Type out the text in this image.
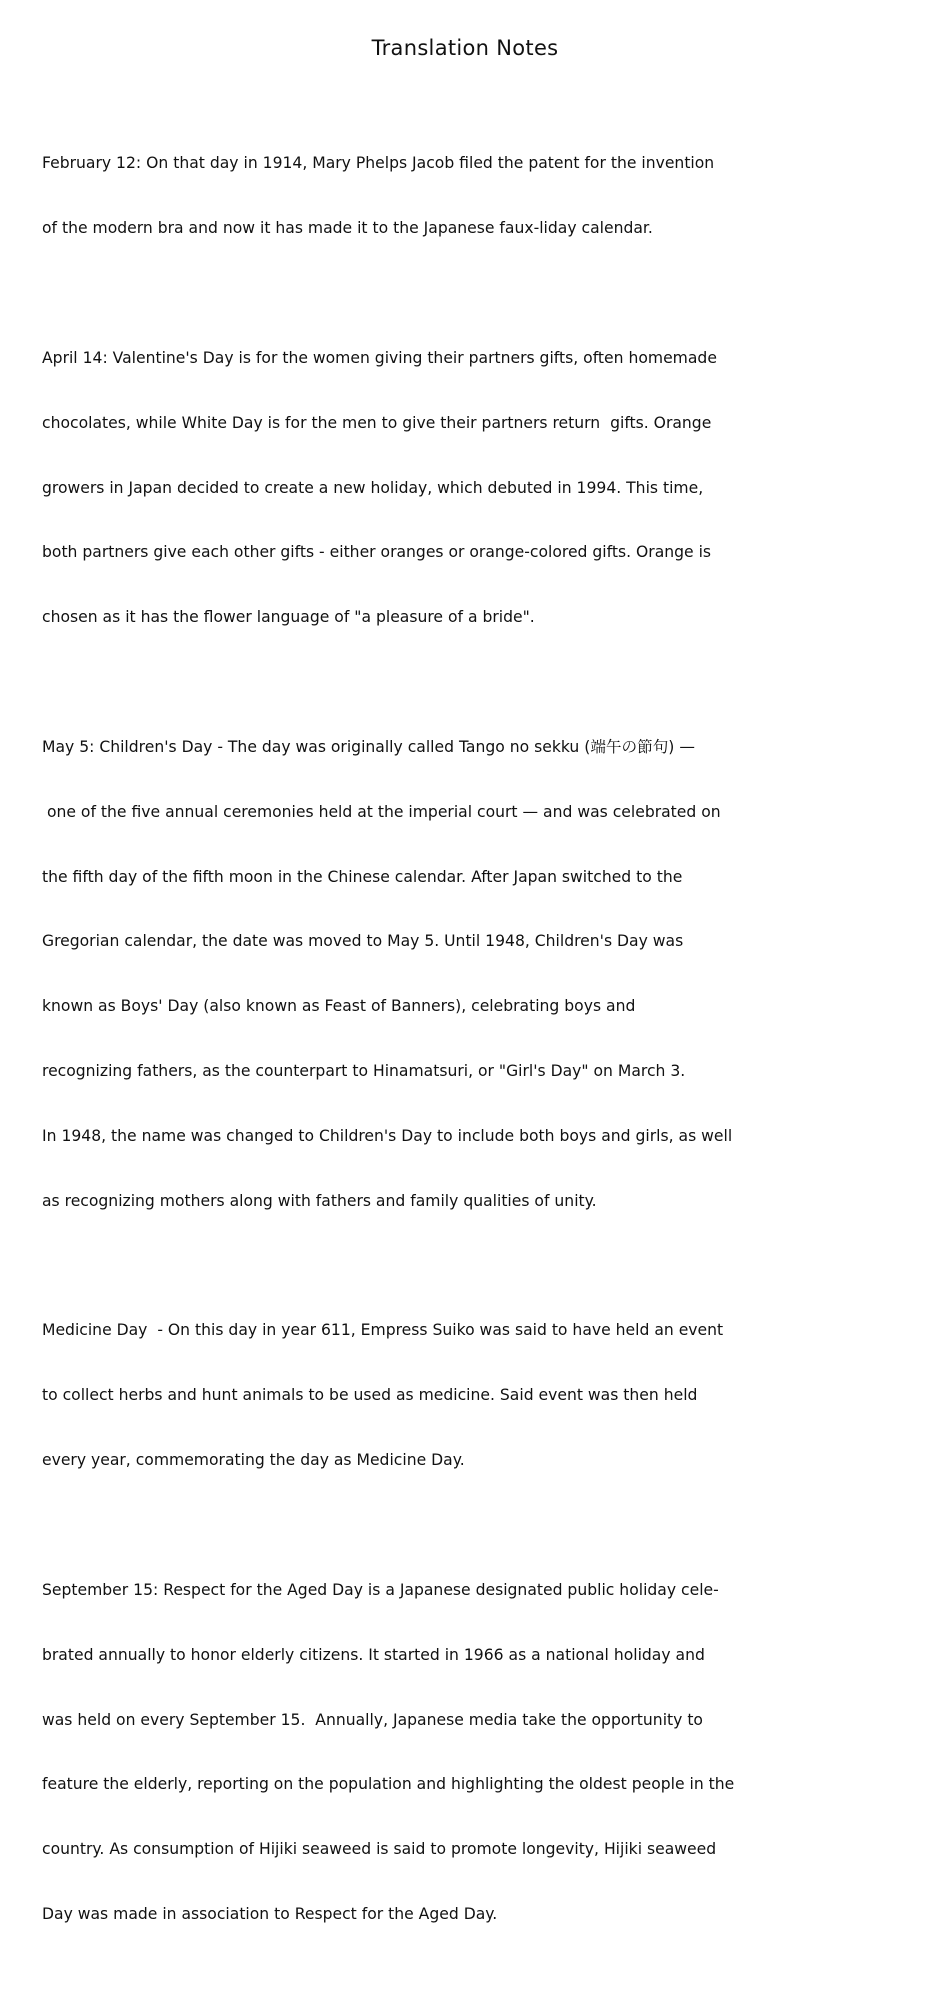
Translation Notes

February 12: On that day in 1914, Mary Phelps Jacob filed the patent for the invention

of the modern bra and now it has made it to the Japanese faux-liday calendar.

April 14: Valentine's Day is for the women giving their partners gifts, often homemade

chocolates, while White Day is for the men to give their partners return  gifts. Orange

growers in Japan decided to create a new holiday, which debuted in 1994. This time,

both partners give each other gifts - either oranges or orange-colored gifts. Orange is

chosen as it has the flower language of "a pleasure of a bride".

May 5: Children's Day - The day was originally called Tango no sekku (端午の節句) —

one of the five annual ceremonies held at the imperial court — and was celebrated on

the fifth day of the fifth moon in the Chinese calendar. After Japan switched to the

Gregorian calendar, the date was moved to May 5. Until 1948, Children's Day was

known as Boys' Day (also known as Feast of Banners), celebrating boys and

recognizing fathers, as the counterpart to Hinamatsuri, or "Girl's Day" on March 3.

In 1948, the name was changed to Children's Day to include both boys and girls, as well

as recognizing mothers along with fathers and family qualities of unity.

Medicine Day  - On this day in year 611, Empress Suiko was said to have held an event

to collect herbs and hunt animals to be used as medicine. Said event was then held

every year, commemorating the day as Medicine Day.

September 15: Respect for the Aged Day is a Japanese designated public holiday cele-

brated annually to honor elderly citizens. It started in 1966 as a national holiday and

was held on every September 15.  Annually, Japanese media take the opportunity to

feature the elderly, reporting on the population and highlighting the oldest people in the

country. As consumption of Hijiki seaweed is said to promote longevity, Hijiki seaweed

Day was made in association to Respect for the Aged Day.
